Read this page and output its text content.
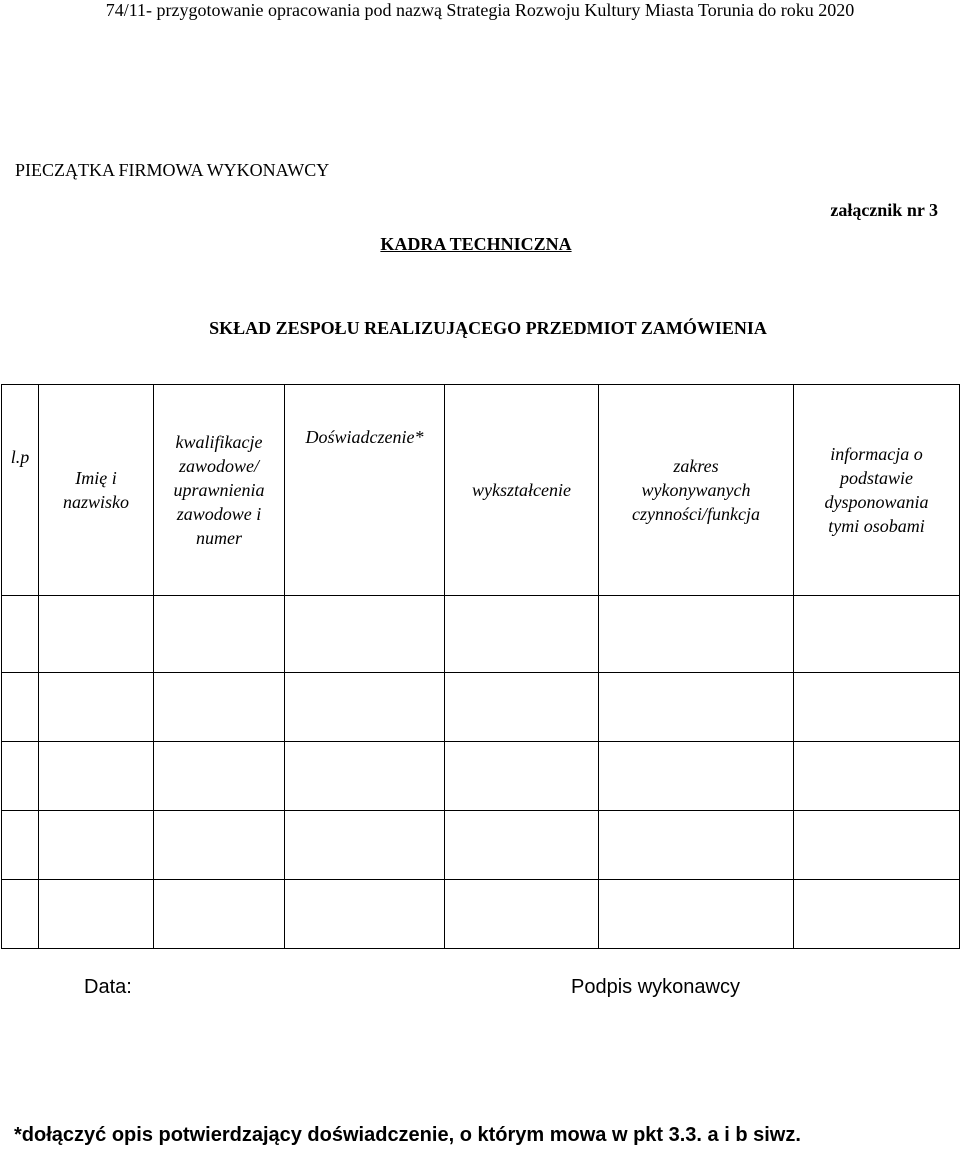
74/11- przygotowanie opracowania pod nazwą Strategia Rozwoju Kultury Miasta Torunia do roku 2020
PIECZĄTKA FIRMOWA WYKONAWCY
załącznik nr 3
KADRA TECHNICZNA
SKŁAD ZESPOŁU REALIZUJĄCEGO PRZEDMIOT ZAMÓWIENIA
l.p	Imię i nazwisko	kwalifikacje zawodowe/ uprawnienia zawodowe i numer	Doświadczenie*	wykształcenie	zakres wykonywanych czynności/funkcja	informacja o podstawie dysponowania tymi osobami

Data:	Podpis wykonawcy
*dołączyć opis potwierdzający doświadczenie, o którym mowa w pkt 3.3. a i b siwz.
